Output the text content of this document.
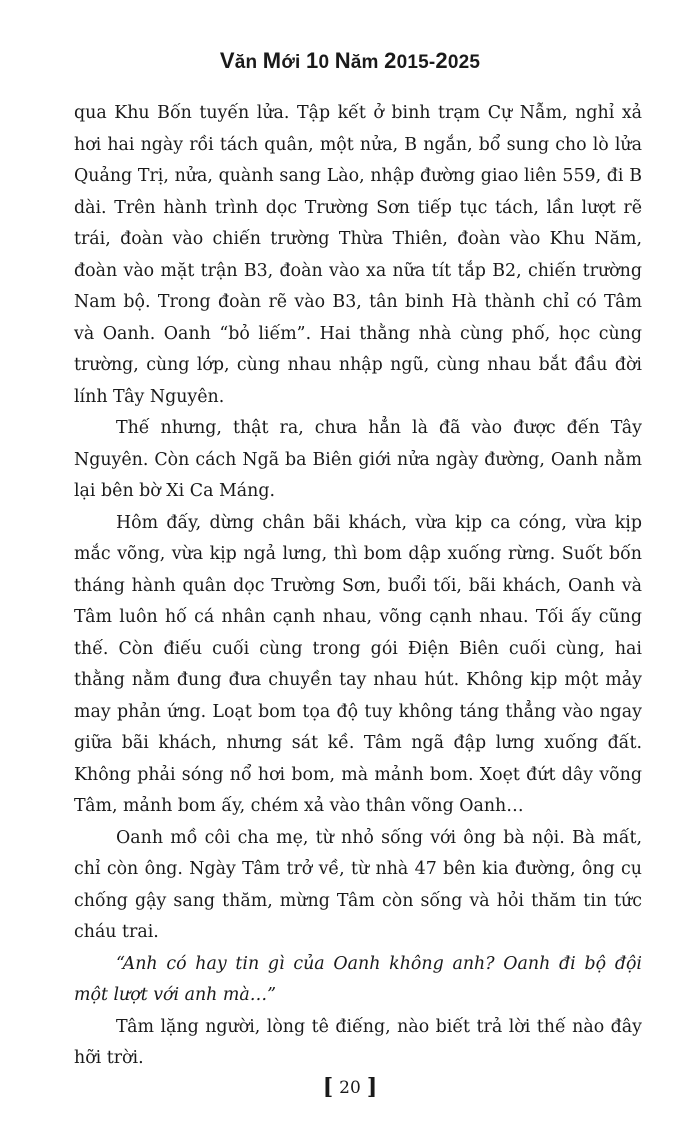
Văn Mới 10 Năm 2015-2025

qua Khu Bốn tuyến lửa. Tập kết ở binh trạm Cự Nẫm, nghỉ xả hơi hai ngày rồi tách quân, một nửa, B ngắn, bổ sung cho lò lửa Quảng Trị, nửa, quành sang Lào, nhập đường giao liên 559, đi B dài. Trên hành trình dọc Trường Sơn tiếp tục tách, lần lượt rẽ trái, đoàn vào chiến trường Thừa Thiên, đoàn vào Khu Năm, đoàn vào mặt trận B3, đoàn vào xa nữa tít tắp B2, chiến trường Nam bộ. Trong đoàn rẽ vào B3, tân binh Hà thành chỉ có Tâm và Oanh. Oanh “bỏ liếm”. Hai thằng nhà cùng phố, học cùng trường, cùng lớp, cùng nhau nhập ngũ, cùng nhau bắt đầu đời lính Tây Nguyên.

Thế nhưng, thật ra, chưa hẳn là đã vào được đến Tây Nguyên. Còn cách Ngã ba Biên giới nửa ngày đường, Oanh nằm lại bên bờ Xi Ca Máng.

Hôm đấy, dừng chân bãi khách, vừa kịp ca cóng, vừa kịp mắc võng, vừa kịp ngả lưng, thì bom dập xuống rừng. Suốt bốn tháng hành quân dọc Trường Sơn, buổi tối, bãi khách, Oanh và Tâm luôn hố cá nhân cạnh nhau, võng cạnh nhau. Tối ấy cũng thế. Còn điếu cuối cùng trong gói Điện Biên cuối cùng, hai thằng nằm đung đưa chuyền tay nhau hút. Không kịp một mảy may phản ứng. Loạt bom tọa độ tuy không táng thẳng vào ngay giữa bãi khách, nhưng sát kề. Tâm ngã đập lưng xuống đất. Không phải sóng nổ hơi bom, mà mảnh bom. Xoẹt đứt dây võng Tâm, mảnh bom ấy, chém xả vào thân võng Oanh…

Oanh mồ côi cha mẹ, từ nhỏ sống với ông bà nội. Bà mất, chỉ còn ông. Ngày Tâm trở về, từ nhà 47 bên kia đường, ông cụ chống gậy sang thăm, mừng Tâm còn sống và hỏi thăm tin tức cháu trai.

“Anh có hay tin gì của Oanh không anh? Oanh đi bộ đội một lượt với anh mà…”

Tâm lặng người, lòng tê điếng, nào biết trả lời thế nào đây hỡi trời.

[ 20 ]
